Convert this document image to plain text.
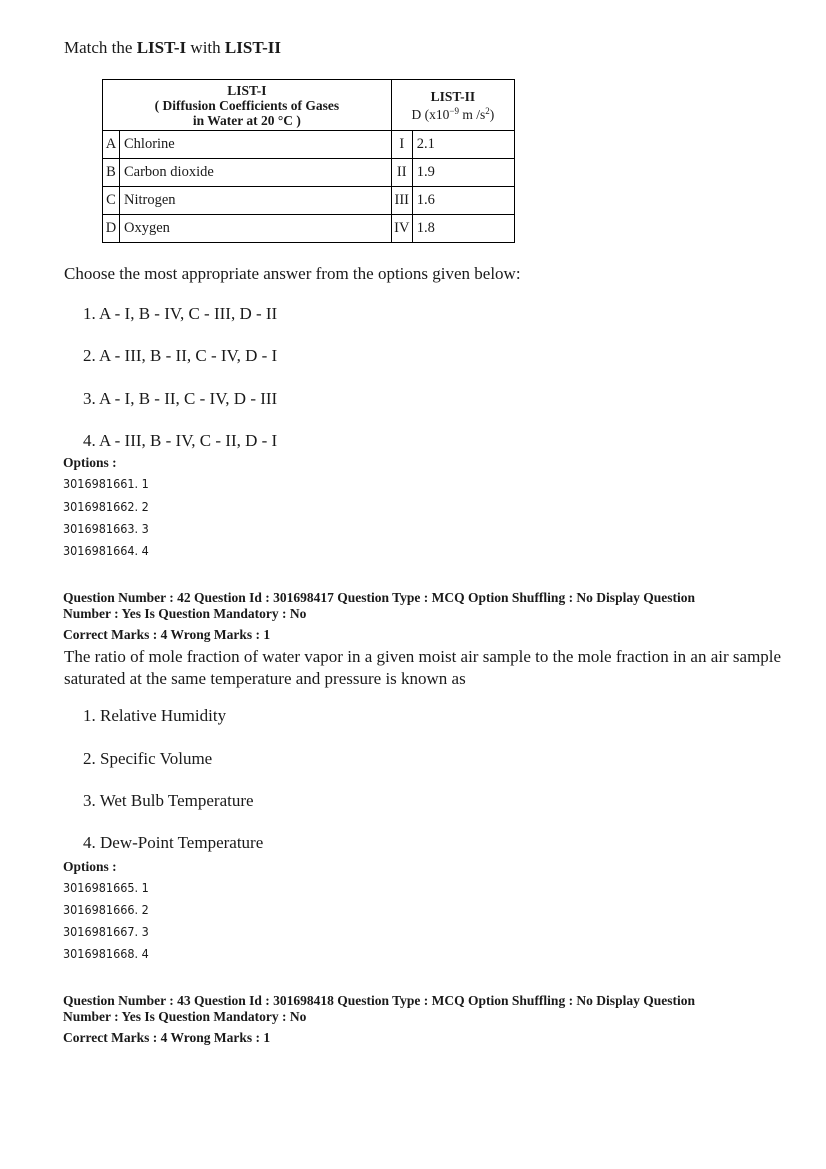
Match the LIST-I with LIST-II
LIST-I
( Diffusion Coefficients of Gases
in Water at 20 °C )		LIST-II
D ($x10^{-9}$ m $/s^2$)	
A	Chlorine	I	2.1
B	Carbon dioxide	II	1.9
C	Nitrogen	III	1.6
D	Oxygen	IV	1.8
Choose the most appropriate answer from the options given below:
1. A - I, B - IV, C - III, D - II
2. A - III, B - II, C - IV, D - I
3. A - I, B - II, C - IV, D - III
4. A - III, B - IV, C - II, D - I
Options :
3016981661. 1
3016981662. 2
3016981663. 3
3016981664. 4
Question Number : 42 Question Id : 301698417 Question Type : MCQ Option Shuffling : No Display Question
Number : Yes Is Question Mandatory : No
Correct Marks : 4 Wrong Marks : 1
The ratio of mole fraction of water vapor in a given moist air sample to the mole fraction in an air sample saturated at the same temperature and pressure is known as
1. Relative Humidity
2. Specific Volume
3. Wet Bulb Temperature
4. Dew-Point Temperature
Options :
3016981665. 1
3016981666. 2
3016981667. 3
3016981668. 4
Question Number : 43 Question Id : 301698418 Question Type : MCQ Option Shuffling : No Display Question
Number : Yes Is Question Mandatory : No
Correct Marks : 4 Wrong Marks : 1
